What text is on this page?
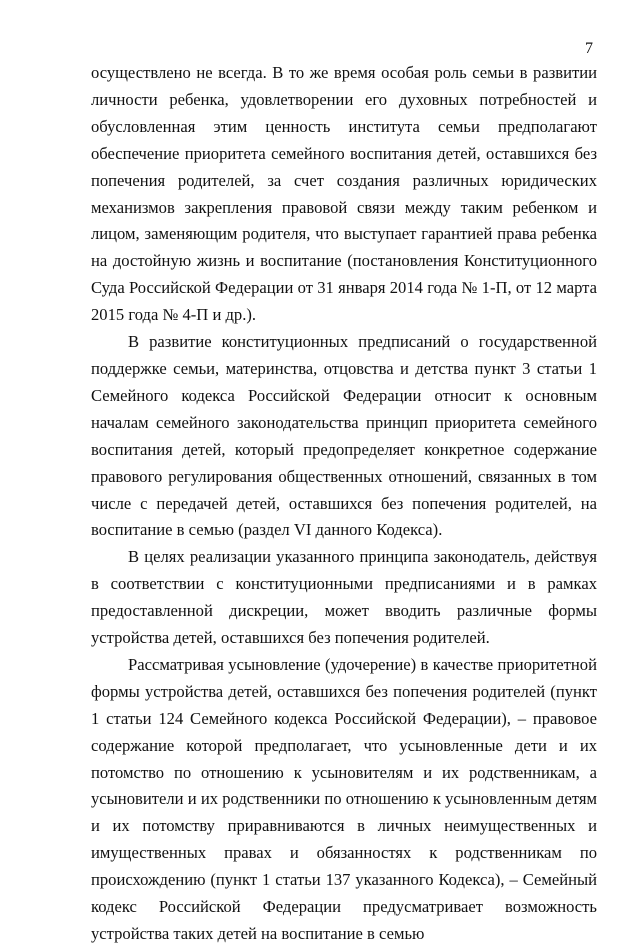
7

осуществлено не всегда. В то же время особая роль семьи в развитии личности ребенка, удовлетворении его духовных потребностей и обусловленная этим ценность института семьи предполагают обеспечение приоритета семейного воспитания детей, оставшихся без попечения родителей, за счет создания различных юридических механизмов закрепления правовой связи между таким ребенком и лицом, заменяющим родителя, что выступает гарантией права ребенка на достойную жизнь и воспитание (постановления Конституционного Суда Российской Федерации от 31 января 2014 года № 1-П, от 12 марта 2015 года № 4-П и др.).

В развитие конституционных предписаний о государственной поддержке семьи, материнства, отцовства и детства пункт 3 статьи 1 Семейного кодекса Российской Федерации относит к основным началам семейного законодательства принцип приоритета семейного воспитания детей, который предопределяет конкретное содержание правового регулирования общественных отношений, связанных в том числе с передачей детей, оставшихся без попечения родителей, на воспитание в семью (раздел VI данного Кодекса).

В целях реализации указанного принципа законодатель, действуя в соответствии с конституционными предписаниями и в рамках предоставленной дискреции, может вводить различные формы устройства детей, оставшихся без попечения родителей.

Рассматривая усыновление (удочерение) в качестве приоритетной формы устройства детей, оставшихся без попечения родителей (пункт 1 статьи 124 Семейного кодекса Российской Федерации), – правовое содержание которой предполагает, что усыновленные дети и их потомство по отношению к усыновителям и их родственникам, а усыновители и их родственники по отношению к усыновленным детям и их потомству приравниваются в личных неимущественных и имущественных правах и обязанностях к родственникам по происхождению (пункт 1 статьи 137 указанного Кодекса), – Семейный кодекс Российской Федерации предусматривает возможность устройства таких детей на воспитание в семью
